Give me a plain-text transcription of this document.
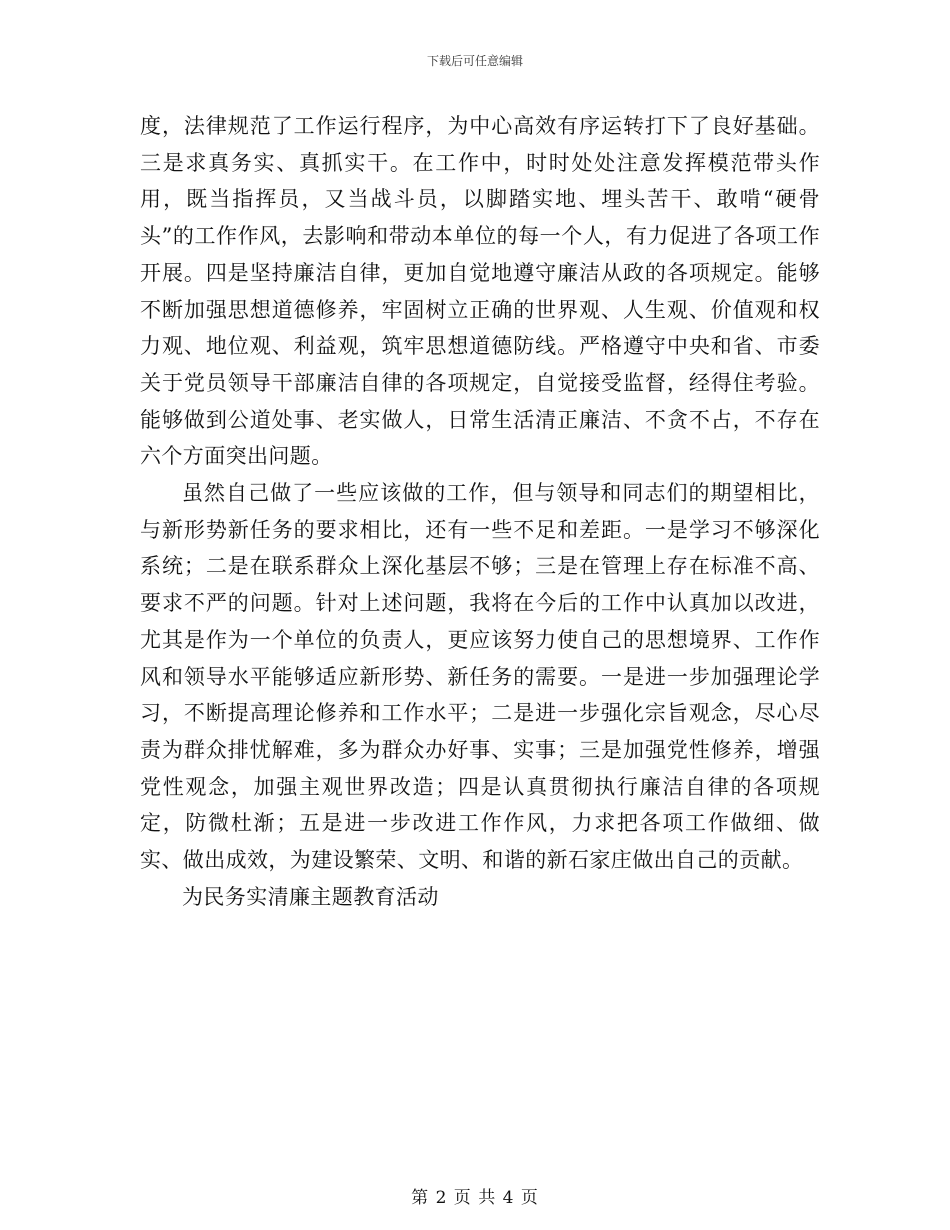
下载后可任意编辑

度，法律规范了工作运行程序，为中心高效有序运转打下了良好基础。三是求真务实、真抓实干。在工作中，时时处处注意发挥模范带头作用，既当指挥员，又当战斗员，以脚踏实地、埋头苦干、敢啃“硬骨头”的工作作风，去影响和带动本单位的每一个人，有力促进了各项工作开展。四是坚持廉洁自律，更加自觉地遵守廉洁从政的各项规定。能够不断加强思想道德修养，牢固树立正确的世界观、人生观、价值观和权力观、地位观、利益观，筑牢思想道德防线。严格遵守中央和省、市委关于党员领导干部廉洁自律的各项规定，自觉接受监督，经得住考验。能够做到公道处事、老实做人，日常生活清正廉洁、不贪不占，不存在六个方面突出问题。

虽然自己做了一些应该做的工作，但与领导和同志们的期望相比，与新形势新任务的要求相比，还有一些不足和差距。一是学习不够深化系统；二是在联系群众上深化基层不够；三是在管理上存在标准不高、要求不严的问题。针对上述问题，我将在今后的工作中认真加以改进，尤其是作为一个单位的负责人，更应该努力使自己的思想境界、工作作风和领导水平能够适应新形势、新任务的需要。一是进一步加强理论学习，不断提高理论修养和工作水平；二是进一步强化宗旨观念，尽心尽责为群众排忧解难，多为群众办好事、实事；三是加强党性修养，增强党性观念，加强主观世界改造；四是认真贯彻执行廉洁自律的各项规定，防微杜渐；五是进一步改进工作作风，力求把各项工作做细、做实、做出成效，为建设繁荣、文明、和谐的新石家庄做出自己的贡献。

为民务实清廉主题教育活动

第 2 页 共 4 页
